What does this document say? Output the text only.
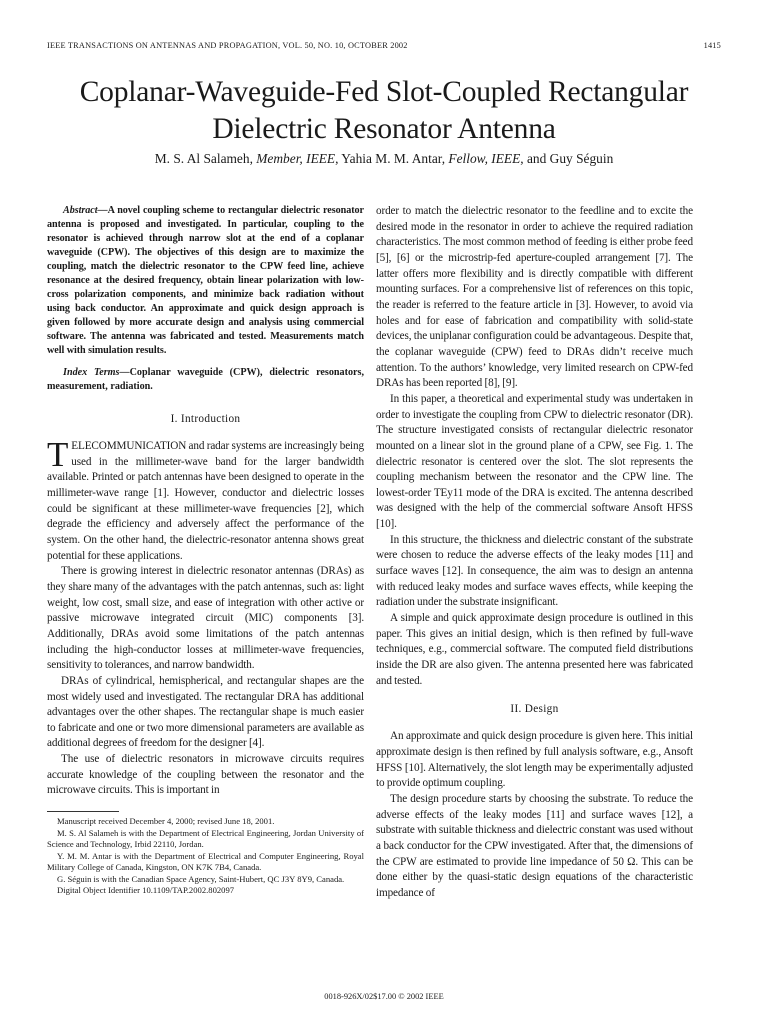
IEEE TRANSACTIONS ON ANTENNAS AND PROPAGATION, VOL. 50, NO. 10, OCTOBER 2002	1415
Coplanar-Waveguide-Fed Slot-Coupled Rectangular
Dielectric Resonator Antenna
M. S. Al Salameh, Member, IEEE, Yahia M. M. Antar, Fellow, IEEE, and Guy Séguin

Abstract—A novel coupling scheme to rectangular dielectric resonator antenna is proposed and investigated. In particular, coupling to the resonator is achieved through narrow slot at the end of a coplanar waveguide (CPW). The objectives of this design are to maximize the coupling, match the dielectric resonator to the CPW feed line, achieve resonance at the desired frequency, obtain linear polarization with low-cross polarization components, and minimize back radiation without using back conductor. An approximate and quick design approach is given followed by more accurate design and analysis using commercial software. The antenna was fabricated and tested. Measurements match well with simulation results.

Index Terms—Coplanar waveguide (CPW), dielectric resonators, measurement, radiation.

I. Introduction

TELECOMMUNICATION and radar systems are increasingly being used in the millimeter-wave band for the larger bandwidth available. Printed or patch antennas have been designed to operate in the millimeter-wave range [1]. However, conductor and dielectric losses could be significant at these millimeter-wave frequencies [2], which degrade the efficiency and adversely affect the performance of the system. On the other hand, the dielectric-resonator antenna shows great potential for these applications.

There is growing interest in dielectric resonator antennas (DRAs) as they share many of the advantages with the patch antennas, such as: light weight, low cost, small size, and ease of integration with other active or passive microwave integrated circuit (MIC) components [3]. Additionally, DRAs avoid some limitations of the patch antennas including the high-conductor losses at millimeter-wave frequencies, sensitivity to tolerances, and narrow bandwidth.

DRAs of cylindrical, hemispherical, and rectangular shapes are the most widely used and investigated. The rectangular DRA has additional advantages over the other shapes. The rectangular shape is much easier to fabricate and one or two more dimensional parameters are available as additional degrees of freedom for the designer [4].

The use of dielectric resonators in microwave circuits requires accurate knowledge of the coupling between the resonator and the microwave circuits. This is important in

Manuscript received December 4, 2000; revised June 18, 2001.

M. S. Al Salameh is with the Department of Electrical Engineering, Jordan University of Science and Technology, Irbid 22110, Jordan.

Y. M. M. Antar is with the Department of Electrical and Computer Engineering, Royal Military College of Canada, Kingston, ON K7K 7B4, Canada.

G. Séguin is with the Canadian Space Agency, Saint-Hubert, QC J3Y 8Y9, Canada.

Digital Object Identifier 10.1109/TAP.2002.802097

order to match the dielectric resonator to the feedline and to excite the desired mode in the resonator in order to achieve the required radiation characteristics. The most common method of feeding is either probe feed [5], [6] or the microstrip-fed aperture-coupled arrangement [7]. The latter offers more flexibility and is directly compatible with different mounting surfaces. For a comprehensive list of references on this topic, the reader is referred to the feature article in [3]. However, to avoid via holes and for ease of fabrication and compatibility with solid-state devices, the uniplanar configuration could be advantageous. Despite that, the coplanar waveguide (CPW) feed to DRAs didn’t receive much attention. To the authors’ knowledge, very limited research on CPW-fed DRAs has been reported [8], [9].

In this paper, a theoretical and experimental study was undertaken in order to investigate the coupling from CPW to dielectric resonator (DR). The structure investigated consists of rectangular dielectric resonator mounted on a linear slot in the ground plane of a CPW, see Fig. 1. The dielectric resonator is centered over the slot. The slot represents the coupling mechanism between the resonator and the CPW line. The lowest-order TEy11 mode of the DRA is excited. The antenna described was designed with the help of the commercial software Ansoft HFSS [10].

In this structure, the thickness and dielectric constant of the substrate were chosen to reduce the adverse effects of the leaky modes [11] and surface waves [12]. In consequence, the aim was to design an antenna with reduced leaky modes and surface waves effects, while keeping the radiation under the substrate insignificant.

A simple and quick approximate design procedure is outlined in this paper. This gives an initial design, which is then refined by full-wave techniques, e.g., commercial software. The computed field distributions inside the DR are also given. The antenna presented here was fabricated and tested.

II. Design

An approximate and quick design procedure is given here. This initial approximate design is then refined by full analysis software, e.g., Ansoft HFSS [10]. Alternatively, the slot length may be experimentally adjusted to provide optimum coupling.

The design procedure starts by choosing the substrate. To reduce the adverse effects of the leaky modes [11] and surface waves [12], a substrate with suitable thickness and dielectric constant was used without a back conductor for the CPW investigated. After that, the dimensions of the CPW are estimated to provide line impedance of 50 Ω. This can be done either by the quasi-static design equations of the characteristic impedance of

0018-926X/02$17.00 © 2002 IEEE
